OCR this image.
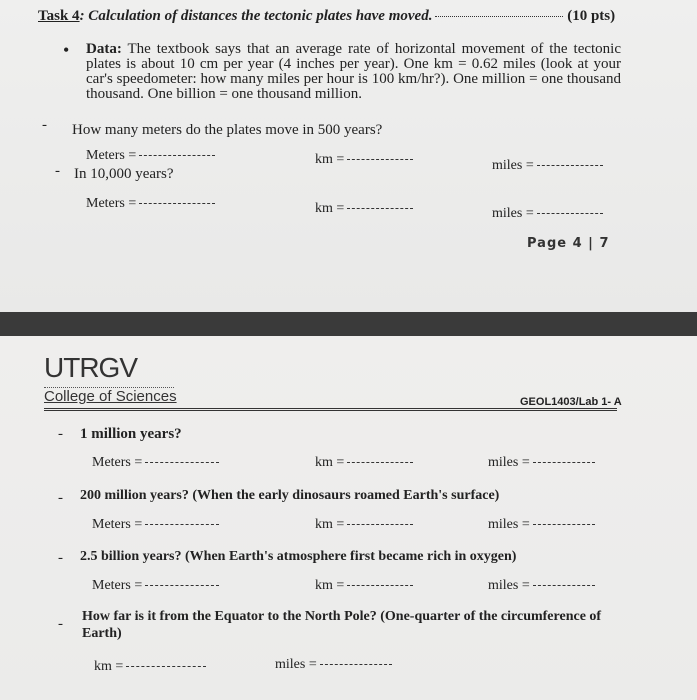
Task 4: Calculation of distances the tectonic plates have moved.	(10 pts)
• Data: The textbook says that an average rate of horizontal movement of the tectonic plates is about 10 cm per year (4 inches per year). One km = 0.62 miles (look at your car's speedometer: how many miles per hour is 100 km/hr?). One million = one thousand thousand. One billion = one thousand million.
- How many meters do the plates move in 500 years?
Meters =	km =	miles =
- In 10,000 years?
Meters =	km =	miles =
Page 4 | 7
UTRGV
College of Sciences	GEOL1403/Lab 1- A
- 1 million years?
Meters =	km =	miles =
- 200 million years? (When the early dinosaurs roamed Earth's surface)
Meters =	km =	miles =
- 2.5 billion years? (When Earth's atmosphere first became rich in oxygen)
Meters =	km =	miles =
- How far is it from the Equator to the North Pole? (One-quarter of the circumference of Earth)
km =	miles =
